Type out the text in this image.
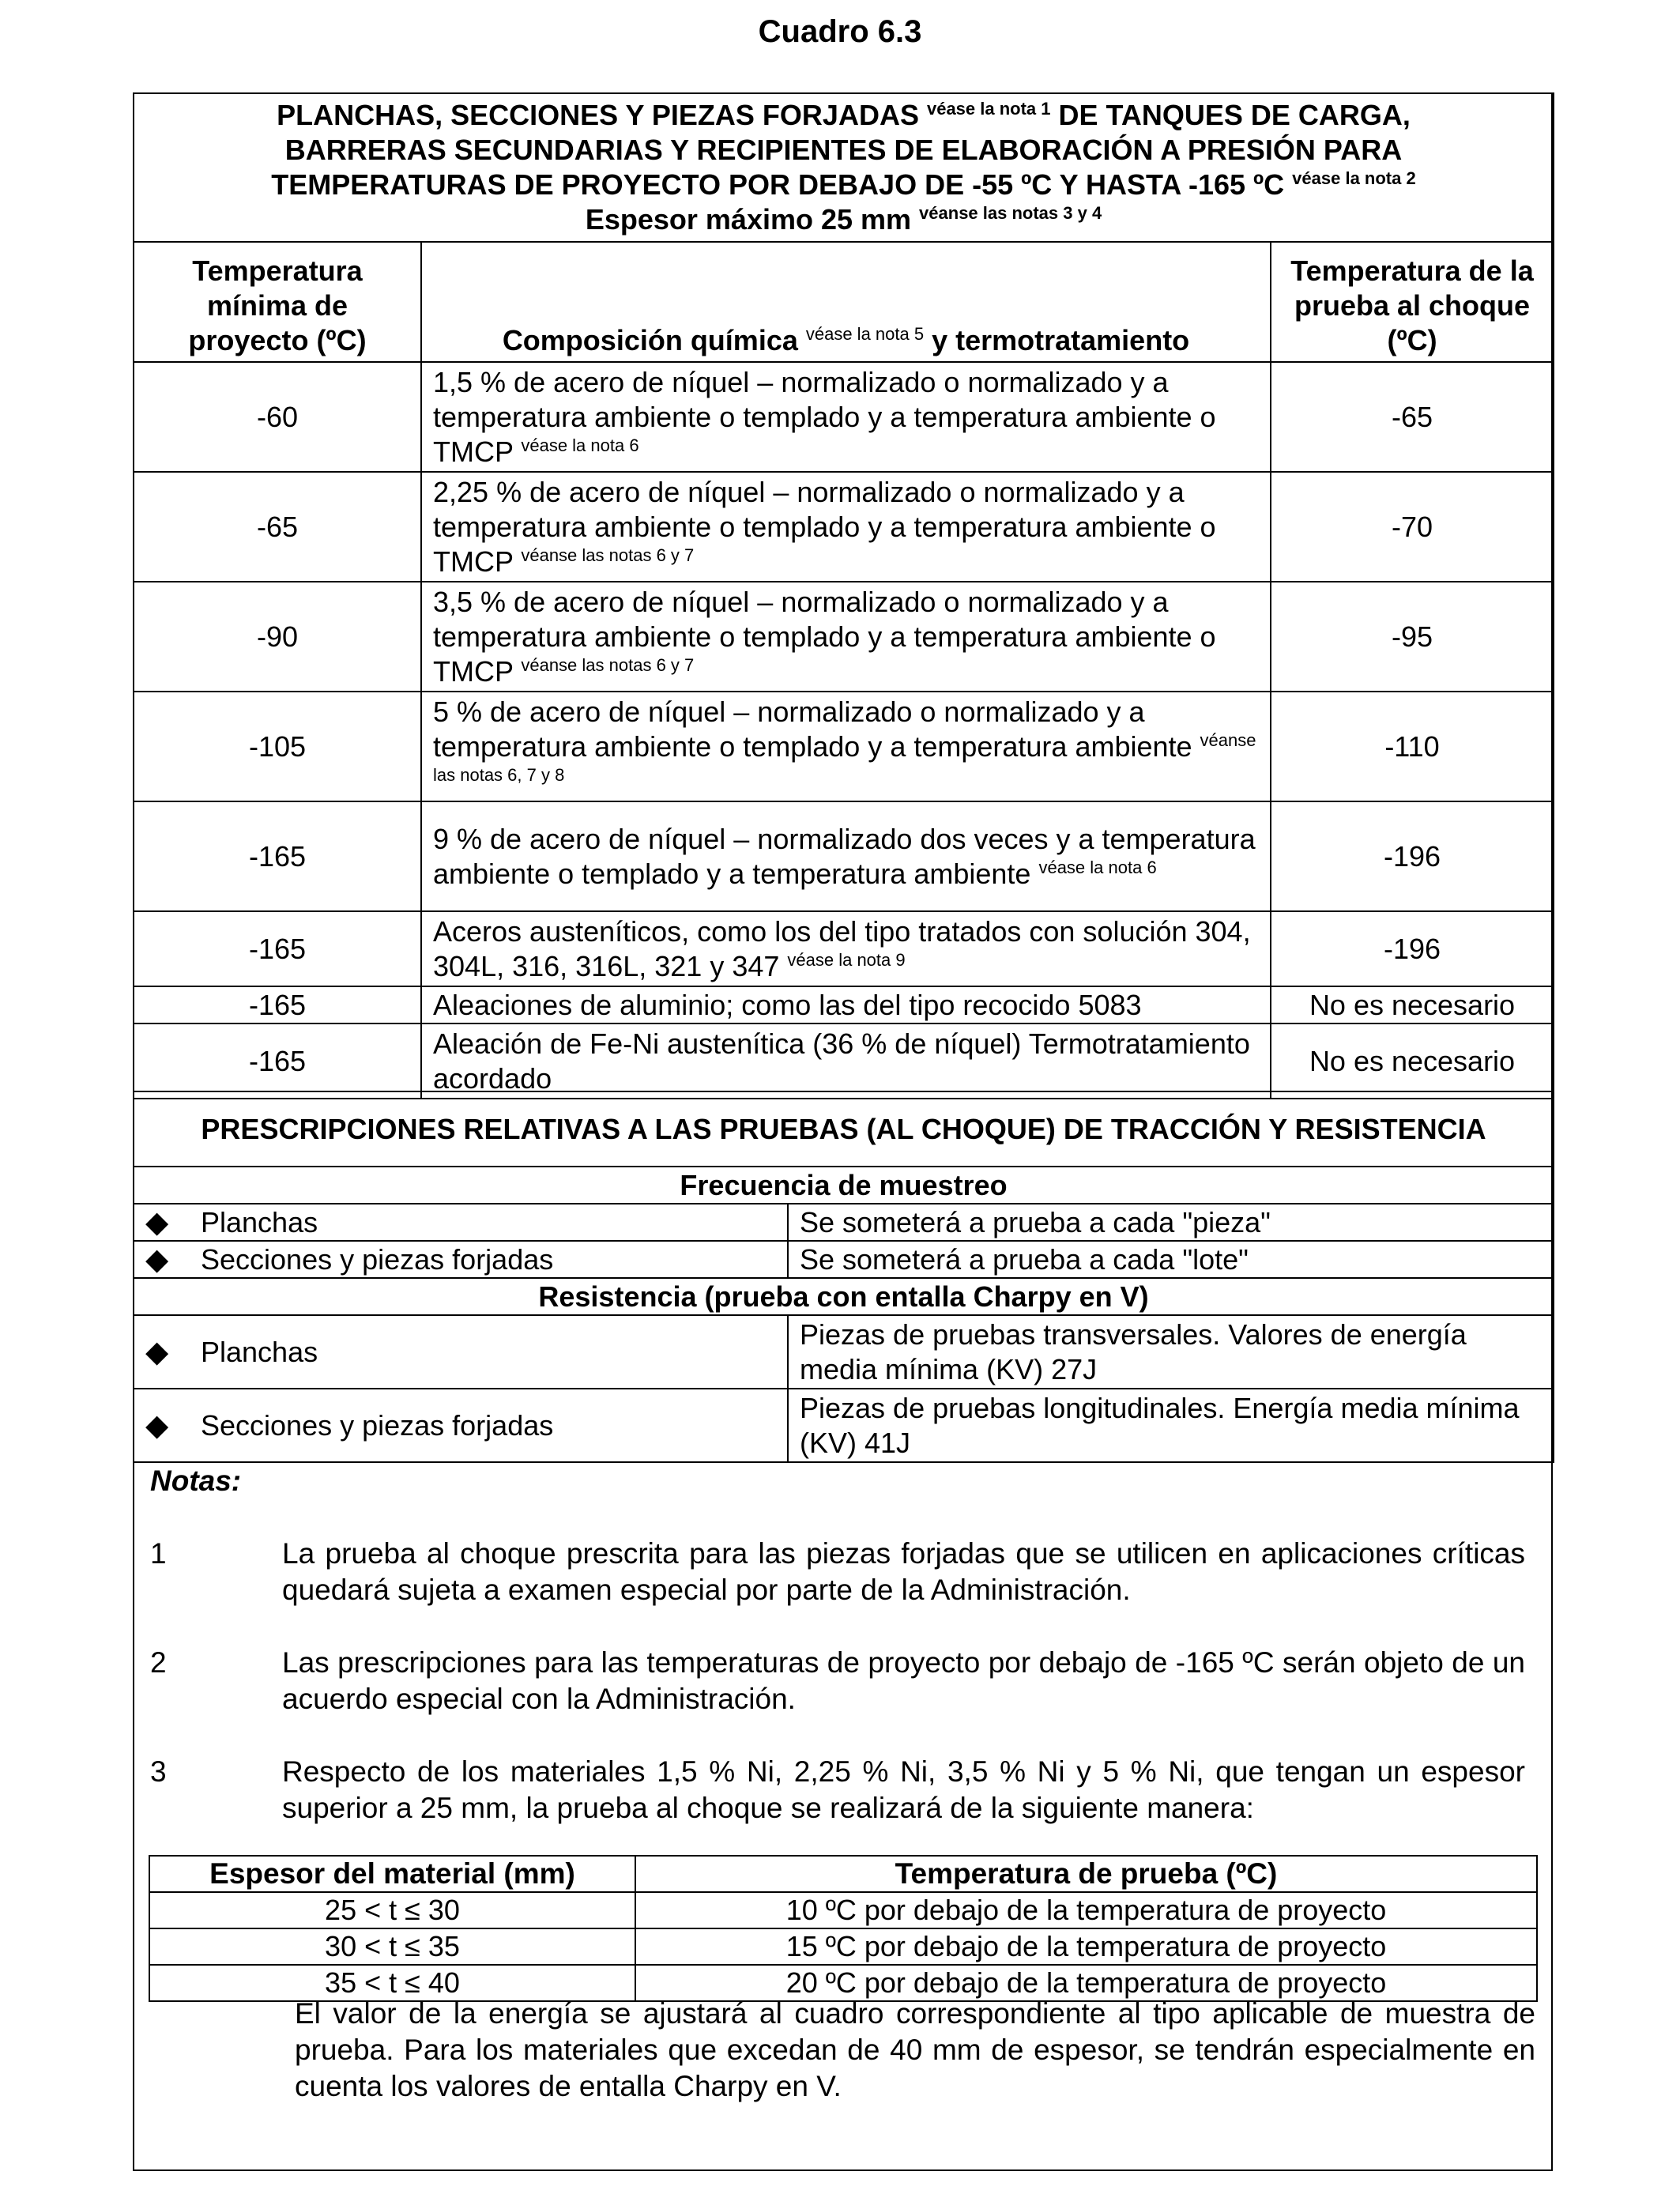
Cuadro 6.3
PLANCHAS, SECCIONES Y PIEZAS FORJADAS $^{véase la nota 1}$ DE TANQUES DE CARGA,
BARRERAS SECUNDARIAS Y RECIPIENTES DE ELABORACIÓN A PRESIÓN PARA
TEMPERATURAS DE PROYECTO POR DEBAJO DE -55 ºC Y HASTA -165 ºC $^{véase la nota 2}$
Espesor máximo 25 mm $^{véanse las notas 3 y 4}$
Temperatura mínima de proyecto (ºC)	Composición química $^{véase la nota 5}$ y termotratamiento	Temperatura de la prueba al choque (ºC)
-60	1,5 % de acero de níquel – normalizado o normalizado y a temperatura ambiente o templado y a temperatura ambiente o TMCP $^{véase la nota 6}$	-65
-65	2,25 % de acero de níquel – normalizado o normalizado y a temperatura ambiente o templado y a temperatura ambiente o TMCP $^{véanse las notas 6 y 7}$	-70
-90	3,5 % de acero de níquel – normalizado o normalizado y a temperatura ambiente o templado y a temperatura ambiente o TMCP $^{véanse las notas 6 y 7}$	-95
-105	5 % de acero de níquel – normalizado o normalizado y a temperatura ambiente o templado y a temperatura ambiente $^{véanse las notas 6, 7 y 8}$	-110
-165	9 % de acero de níquel – normalizado dos veces y a temperatura ambiente o templado y a temperatura ambiente $^{véase la nota 6}$	-196
-165	Aceros austeníticos, como los del tipo tratados con solución 304, 304L, 316, 316L, 321 y 347 $^{véase la nota 9}$	-196
-165	Aleaciones de aluminio; como las del tipo recocido 5083	No es necesario
-165	Aleación de Fe-Ni austenítica (36 % de níquel) Termotratamiento acordado	No es necesario
PRESCRIPCIONES RELATIVAS A LAS PRUEBAS (AL CHOQUE) DE TRACCIÓN Y RESISTENCIA	
Frecuencia de muestreo	
◆ Planchas	Se someterá a prueba a cada "pieza"
◆ Secciones y piezas forjadas	Se someterá a prueba a cada "lote"
Resistencia (prueba con entalla Charpy en V)	
◆ Planchas	Piezas de pruebas transversales. Valores de energía media mínima (KV) 27J
◆ Secciones y piezas forjadas	Piezas de pruebas longitudinales. Energía media mínima (KV) 41J
Notas:
1	La prueba al choque prescrita para las piezas forjadas que se utilicen en aplicaciones críticas quedará sujeta a examen especial por parte de la Administración.
2	Las prescripciones para las temperaturas de proyecto por debajo de -165 ºC serán objeto de un acuerdo especial con la Administración.
3	Respecto de los materiales 1,5 % Ni, 2,25 % Ni, 3,5 % Ni y 5 % Ni, que tengan un espesor superior a 25 mm, la prueba al choque se realizará de la siguiente manera:
Espesor del material (mm)	Temperatura de prueba (ºC)
25 < t ≤ 30	10 ºC por debajo de la temperatura de proyecto
30 < t ≤ 35	15 ºC por debajo de la temperatura de proyecto
35 < t ≤ 40	20 ºC por debajo de la temperatura de proyecto
El valor de la energía se ajustará al cuadro correspondiente al tipo aplicable de muestra de prueba. Para los materiales que excedan de 40 mm de espesor, se tendrán especialmente en cuenta los valores de entalla Charpy en V.
